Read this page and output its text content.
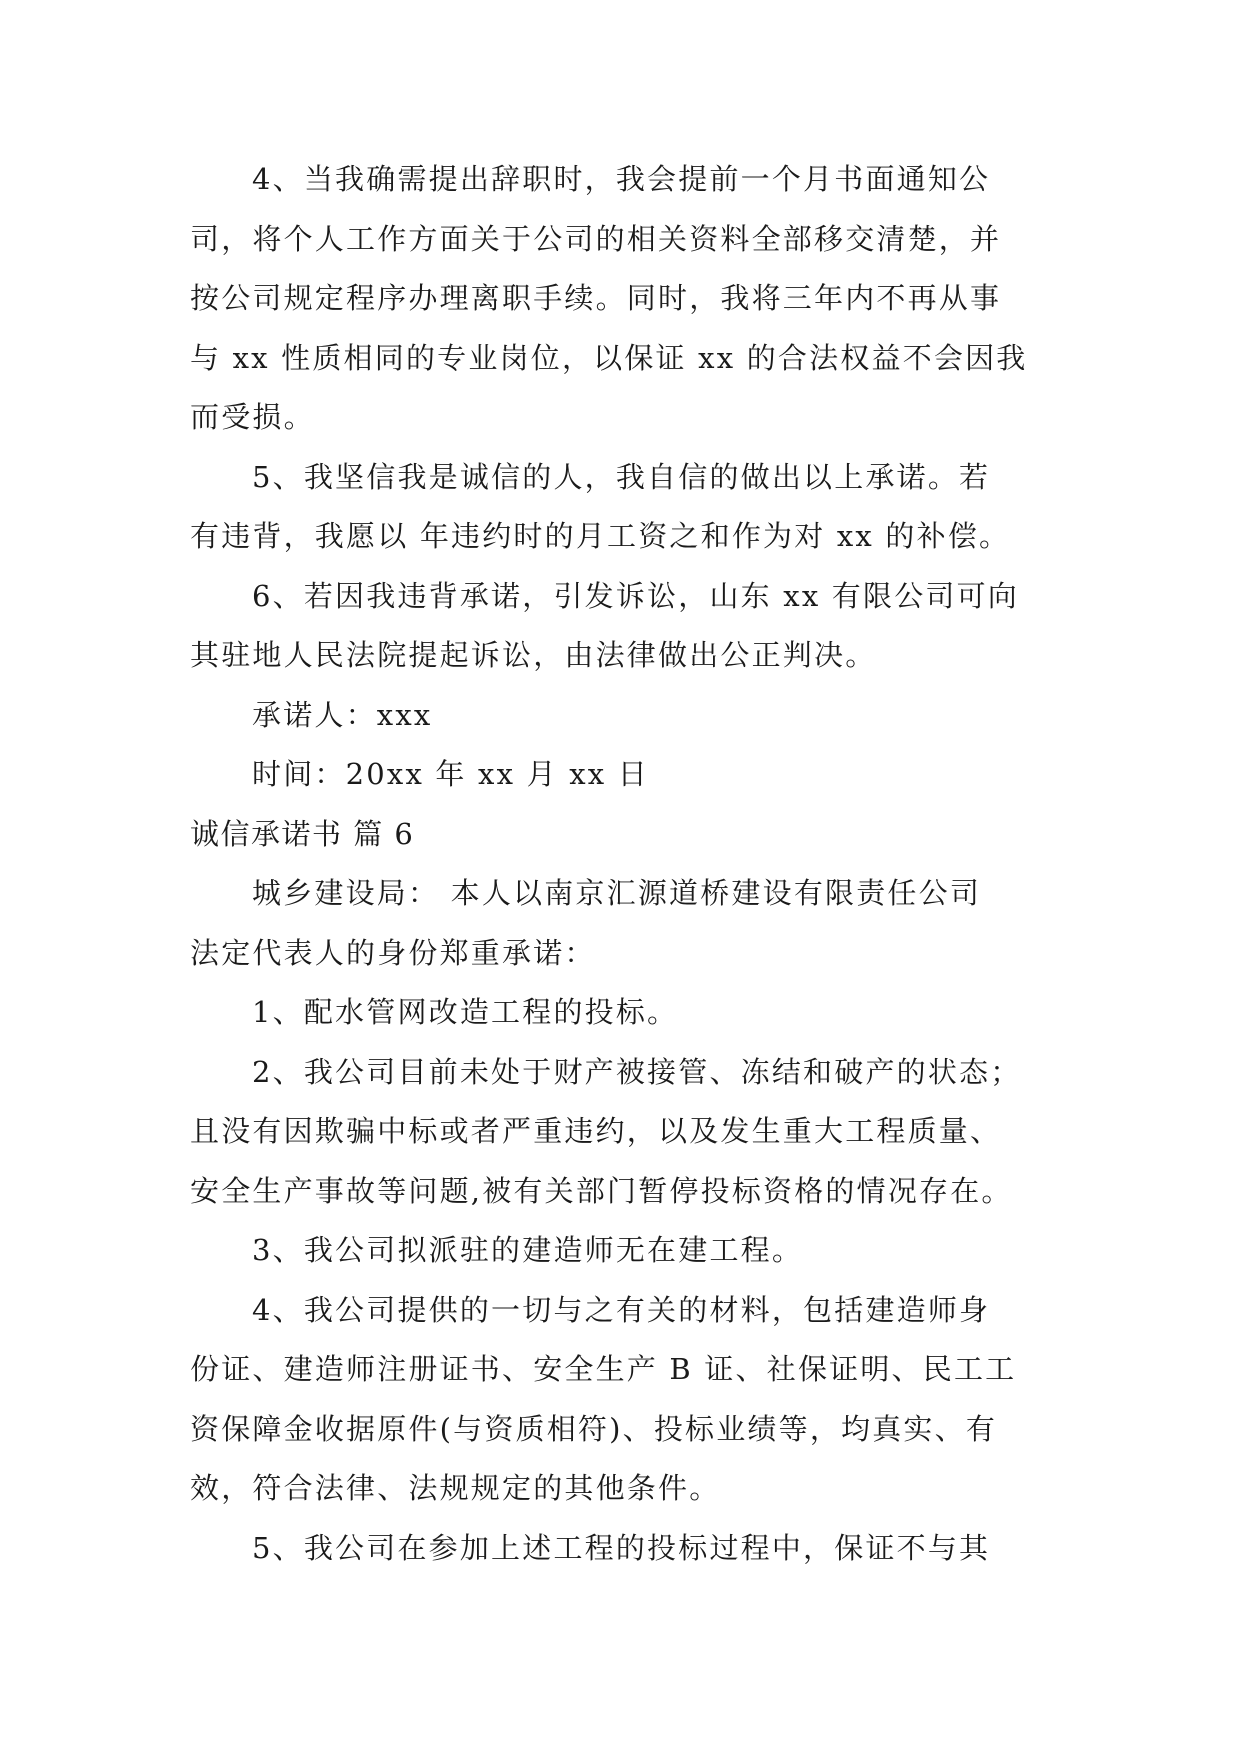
4、当我确需提出辞职时，我会提前一个月书面通知公
司，将个人工作方面关于公司的相关资料全部移交清楚，并
按公司规定程序办理离职手续。同时，我将三年内不再从事
与 xx 性质相同的专业岗位，以保证 xx 的合法权益不会因我
而受损。
5、我坚信我是诚信的人，我自信的做出以上承诺。若
有违背，我愿以 年违约时的月工资之和作为对 xx 的补偿。
6、若因我违背承诺，引发诉讼，山东 xx 有限公司可向
其驻地人民法院提起诉讼，由法律做出公正判决。
承诺人：xxx
时间：20xx 年 xx 月 xx 日
诚信承诺书 篇 6
城乡建设局： 本人以南京汇源道桥建设有限责任公司
法定代表人的身份郑重承诺：
1、配水管网改造工程的投标。
2、我公司目前未处于财产被接管、冻结和破产的状态；
且没有因欺骗中标或者严重违约，以及发生重大工程质量、
安全生产事故等问题,被有关部门暂停投标资格的情况存在。
3、我公司拟派驻的建造师无在建工程。
4、我公司提供的一切与之有关的材料，包括建造师身
份证、建造师注册证书、安全生产 B 证、社保证明、民工工
资保障金收据原件(与资质相符)、投标业绩等，均真实、有
效，符合法律、法规规定的其他条件。
5、我公司在参加上述工程的投标过程中，保证不与其
